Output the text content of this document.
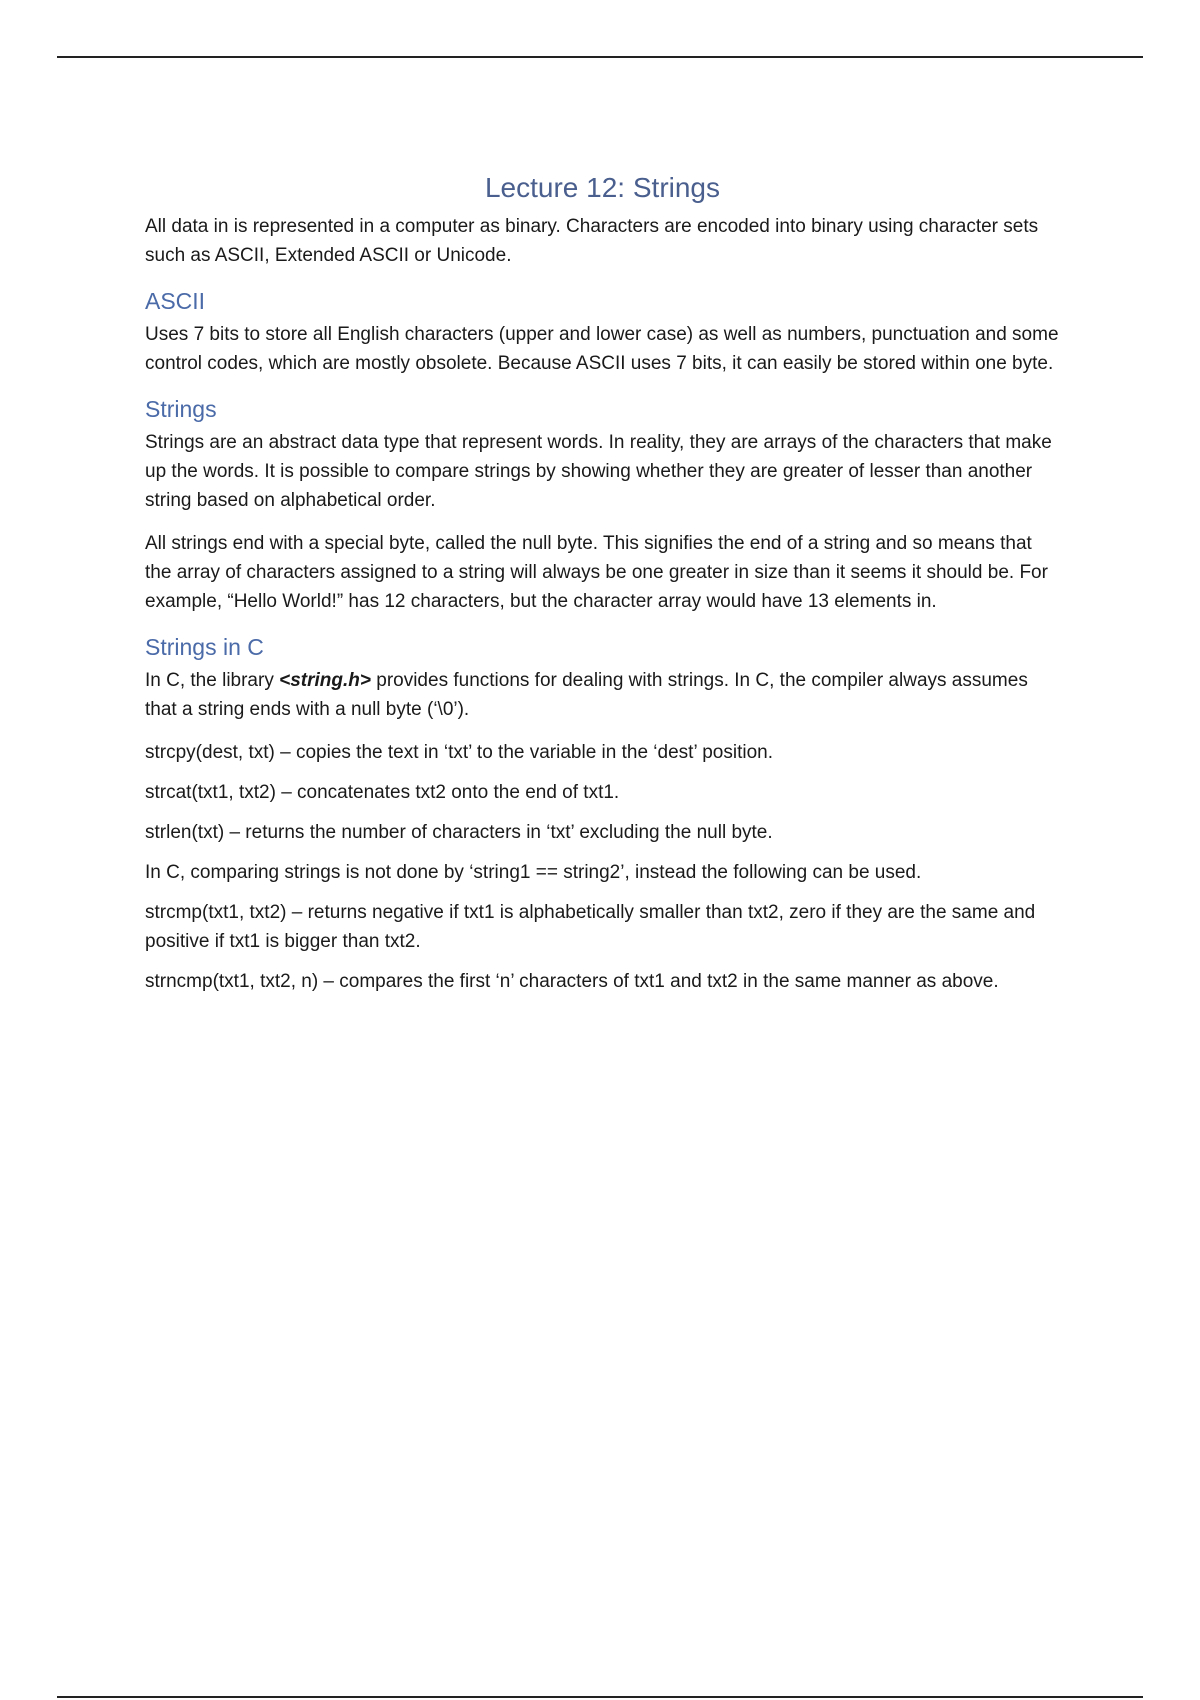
Lecture 12: Strings

All data in is represented in a computer as binary. Characters are encoded into binary using character sets such as ASCII, Extended ASCII or Unicode.

ASCII

Uses 7 bits to store all English characters (upper and lower case) as well as numbers, punctuation and some control codes, which are mostly obsolete. Because ASCII uses 7 bits, it can easily be stored within one byte.

Strings

Strings are an abstract data type that represent words. In reality, they are arrays of the characters that make up the words. It is possible to compare strings by showing whether they are greater of lesser than another string based on alphabetical order.

All strings end with a special byte, called the null byte. This signifies the end of a string and so means that the array of characters assigned to a string will always be one greater in size than it seems it should be. For example, “Hello World!” has 12 characters, but the character array would have 13 elements in.

Strings in C

In C, the library <string.h> provides functions for dealing with strings. In C, the compiler always assumes that a string ends with a null byte (‘\0’).

strcpy(dest, txt) – copies the text in ‘txt’ to the variable in the ‘dest’ position.

strcat(txt1, txt2) – concatenates txt2 onto the end of txt1.

strlen(txt) – returns the number of characters in ‘txt’ excluding the null byte.

In C, comparing strings is not done by ‘string1 == string2’, instead the following can be used.

strcmp(txt1, txt2) – returns negative if txt1 is alphabetically smaller than txt2, zero if they are the same and positive if txt1 is bigger than txt2.

strncmp(txt1, txt2, n) – compares the first ‘n’ characters of txt1 and txt2 in the same manner as above.
